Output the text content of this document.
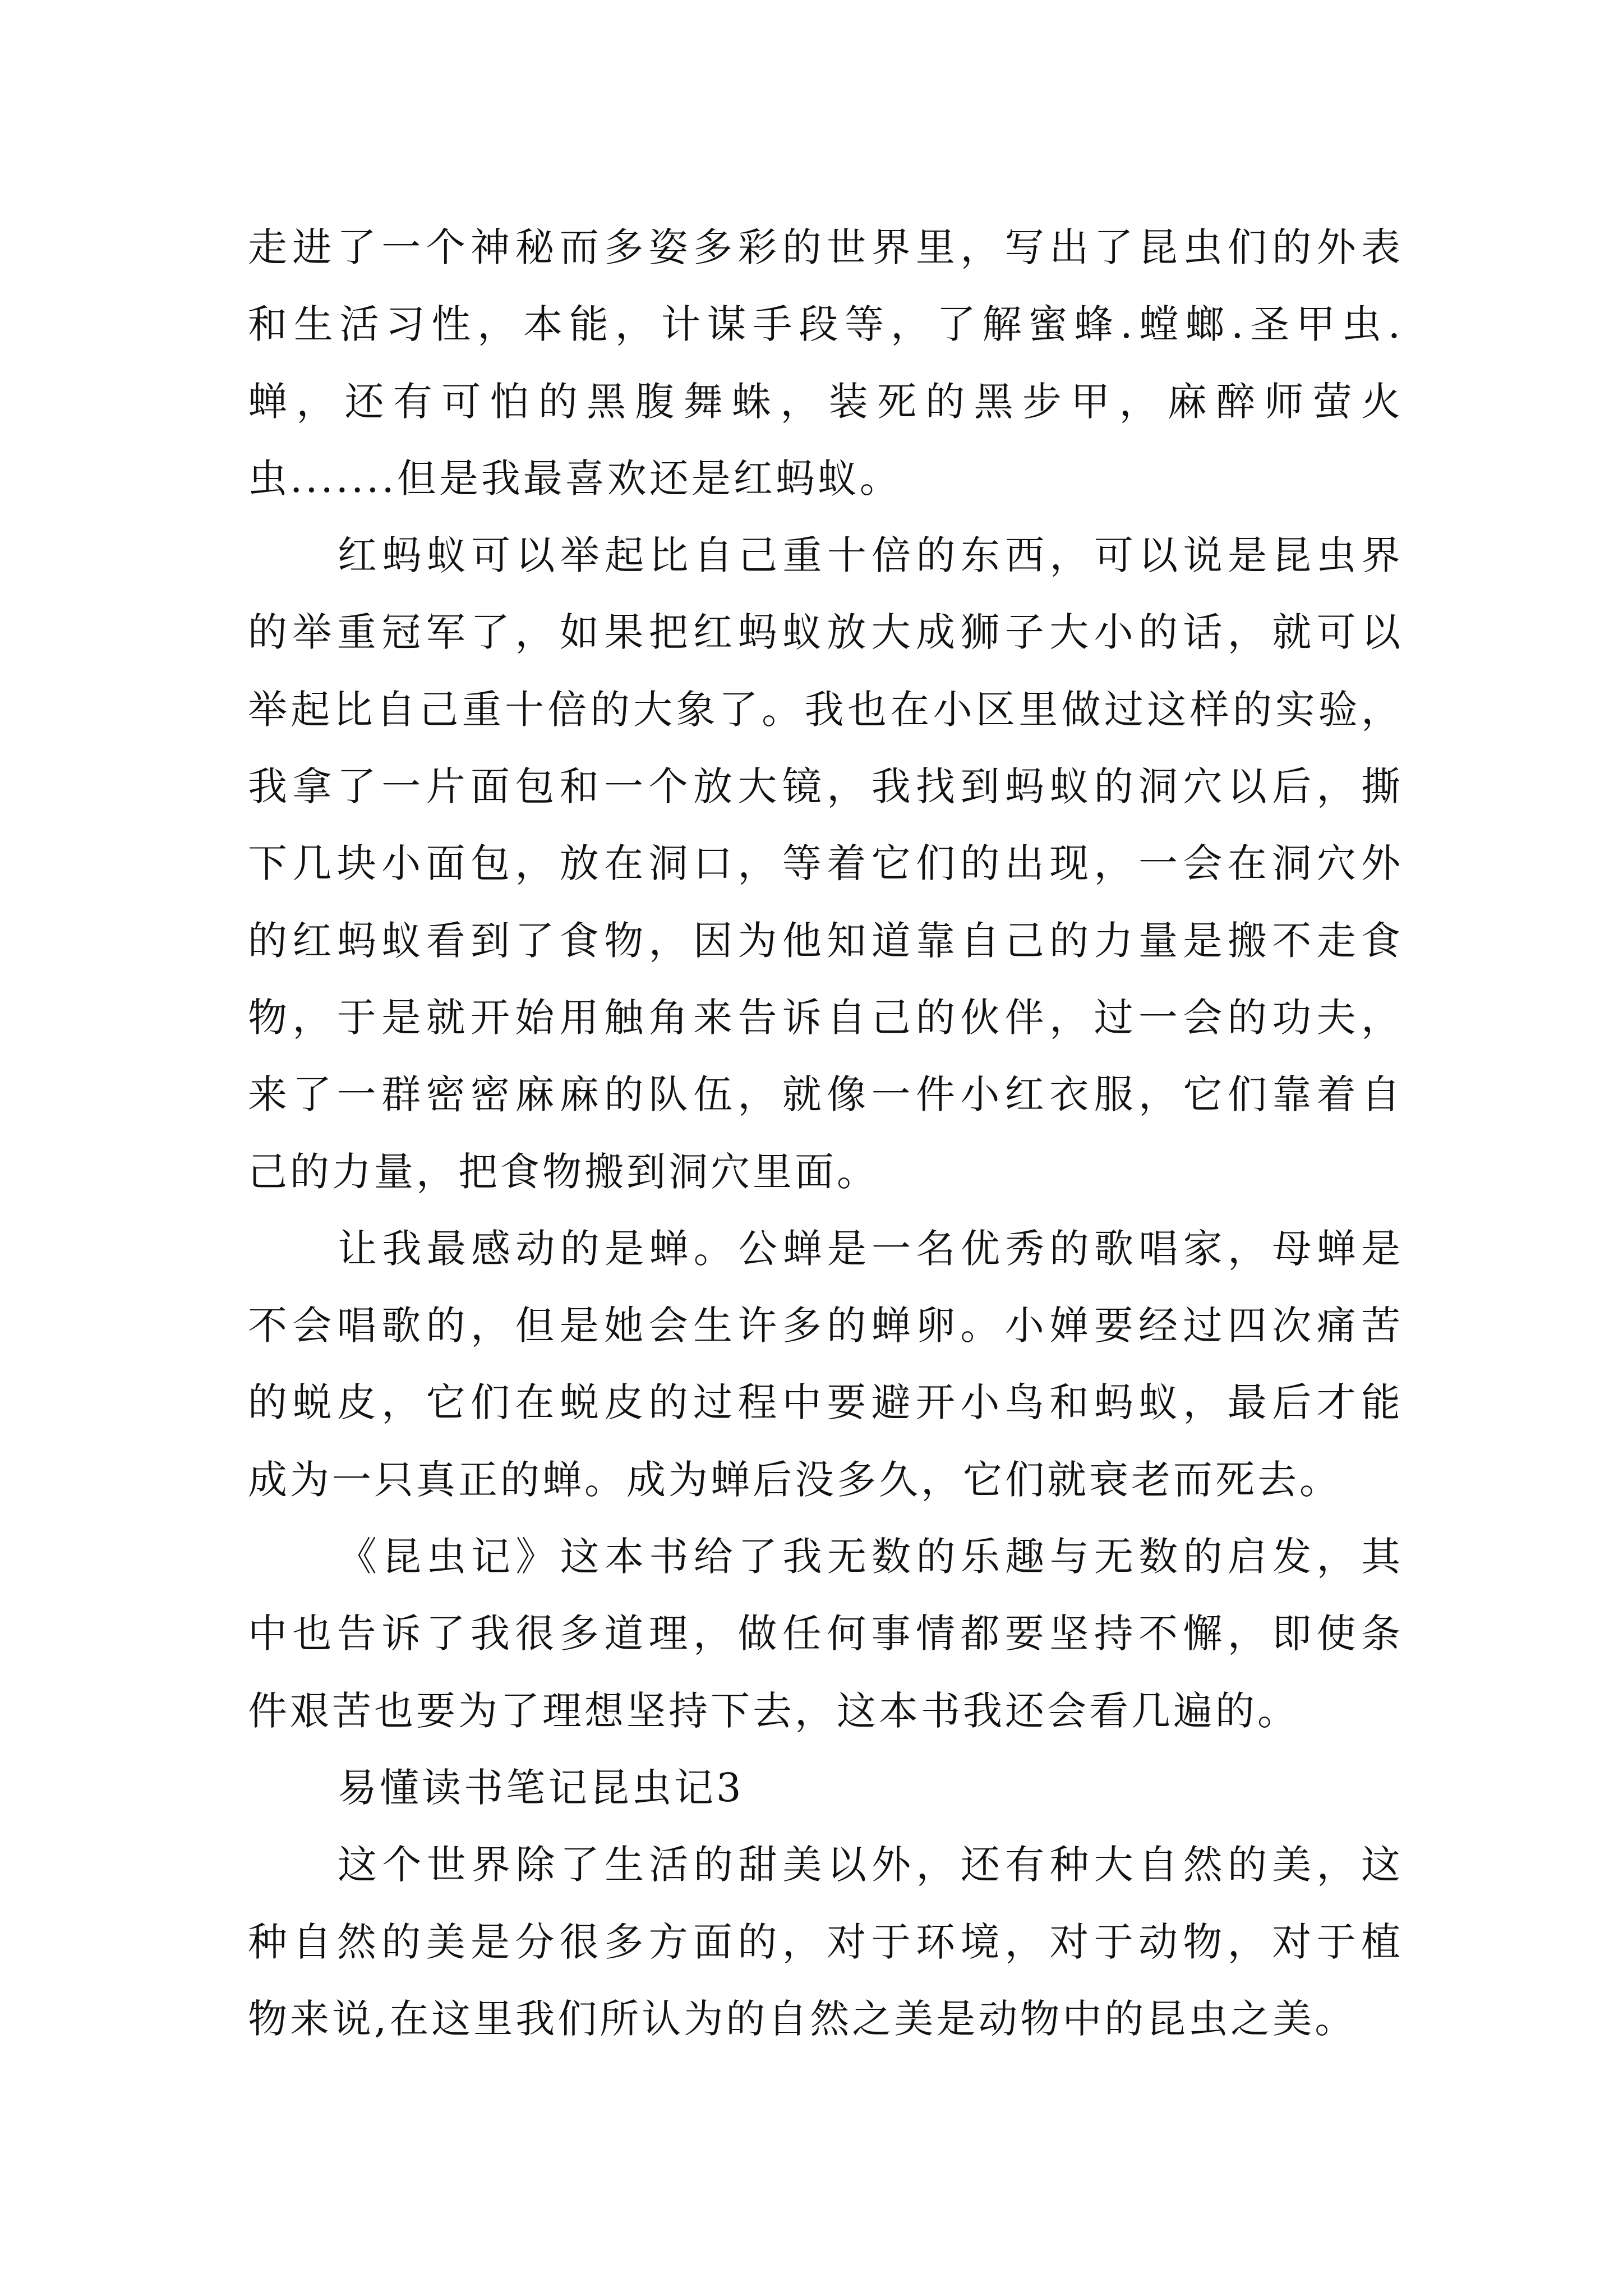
走进了一个神秘而多姿多彩的世界里，写出了昆虫们的外表
和生活习性，本能，计谋手段等，了解蜜蜂.螳螂.圣甲虫.
蝉，还有可怕的黑腹舞蛛，装死的黑步甲，麻醉师萤火
虫.......但是我最喜欢还是红蚂蚁。
红蚂蚁可以举起比自己重十倍的东西，可以说是昆虫界
的举重冠军了，如果把红蚂蚁放大成狮子大小的话，就可以
举起比自己重十倍的大象了。我也在小区里做过这样的实验，
我拿了一片面包和一个放大镜，我找到蚂蚁的洞穴以后，撕
下几块小面包，放在洞口，等着它们的出现，一会在洞穴外
的红蚂蚁看到了食物，因为他知道靠自己的力量是搬不走食
物，于是就开始用触角来告诉自己的伙伴，过一会的功夫，
来了一群密密麻麻的队伍，就像一件小红衣服，它们靠着自
己的力量，把食物搬到洞穴里面。
让我最感动的是蝉。公蝉是一名优秀的歌唱家，母蝉是
不会唱歌的，但是她会生许多的蝉卵。小婵要经过四次痛苦
的蜕皮，它们在蜕皮的过程中要避开小鸟和蚂蚁，最后才能
成为一只真正的蝉。成为蝉后没多久，它们就衰老而死去。
《昆虫记》这本书给了我无数的乐趣与无数的启发，其
中也告诉了我很多道理，做任何事情都要坚持不懈，即使条
件艰苦也要为了理想坚持下去，这本书我还会看几遍的。
易懂读书笔记昆虫记3
这个世界除了生活的甜美以外，还有种大自然的美，这
种自然的美是分很多方面的，对于环境，对于动物，对于植
物来说,在这里我们所认为的自然之美是动物中的昆虫之美。
